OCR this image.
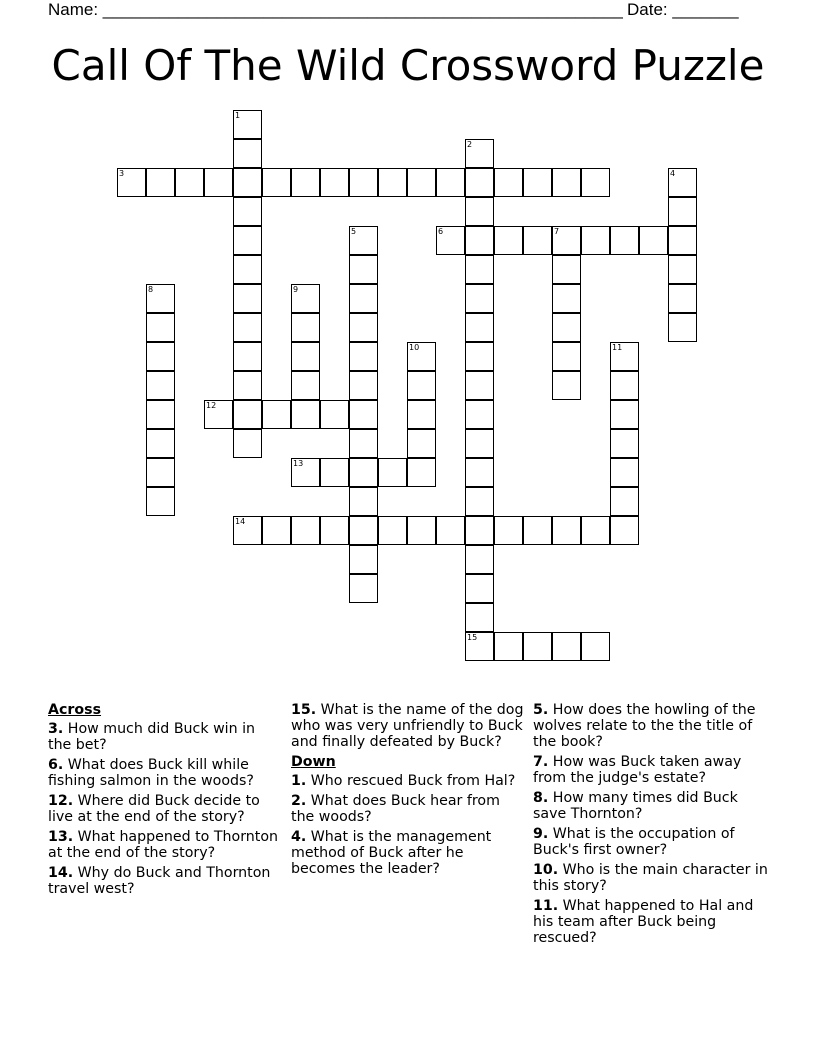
Name: _______________________________________________________ Date: _______
Call Of The Wild Crossword Puzzle
1
2
3	4
5	6	7
8	9
10	11
12
13
14
15
Across
3. How much did Buck win in the bet?
6. What does Buck kill while fishing salmon in the woods?
12. Where did Buck decide to live at the end of the story?
13. What happened to Thornton at the end of the story?
14. Why do Buck and Thornton travel west?
15. What is the name of the dog who was very unfriendly to Buck and finally defeated by Buck?
Down
1. Who rescued Buck from Hal?
2. What does Buck hear from the woods?
4. What is the management method of Buck after he becomes the leader?
5. How does the howling of the wolves relate to the the title of the book?
7. How was Buck taken away from the judge's estate?
8. How many times did Buck save Thornton?
9. What is the occupation of Buck's first owner?
10. Who is the main character in this story?
11. What happened to Hal and his team after Buck being rescued?
